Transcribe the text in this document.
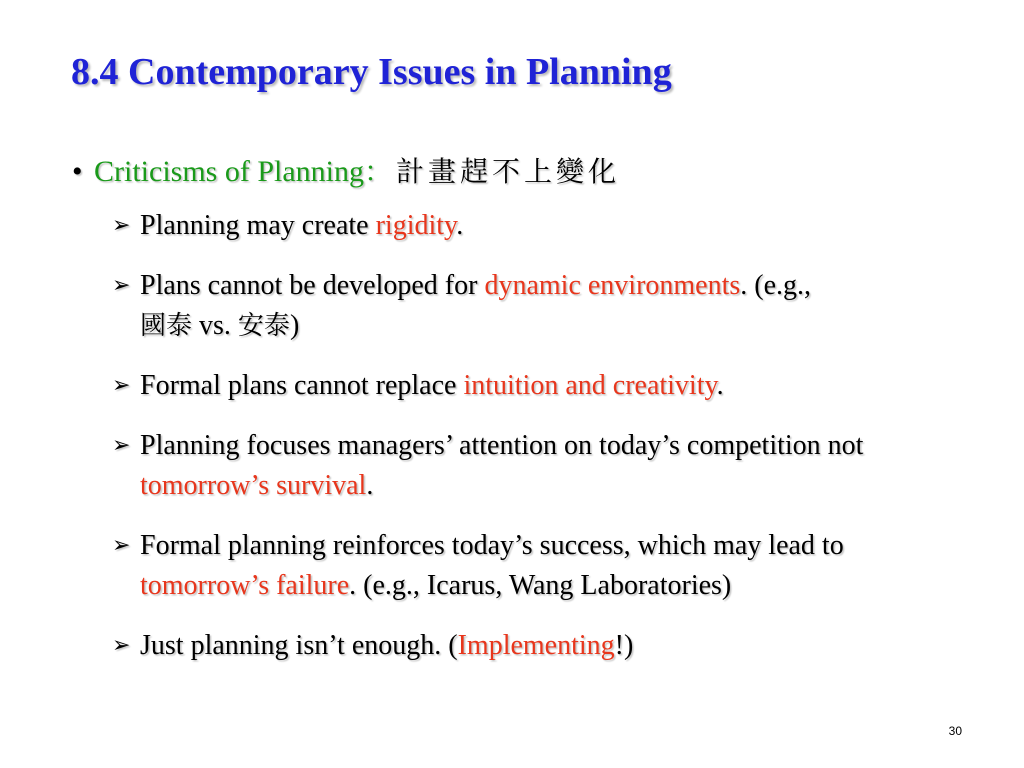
8.4 Contemporary Issues in Planning
• Criticisms of Planning：計畫趕不上變化
➢ Planning may create rigidity.
➢ Plans cannot be developed for dynamic environments. (e.g.,
國泰 vs. 安泰)
➢ Formal plans cannot replace intuition and creativity.
➢ Planning focuses managers’ attention on today’s competition not tomorrow’s survival.
➢ Formal planning reinforces today’s success, which may lead to tomorrow’s failure. (e.g., Icarus, Wang Laboratories)
➢ Just planning isn’t enough. (Implementing!)
30
